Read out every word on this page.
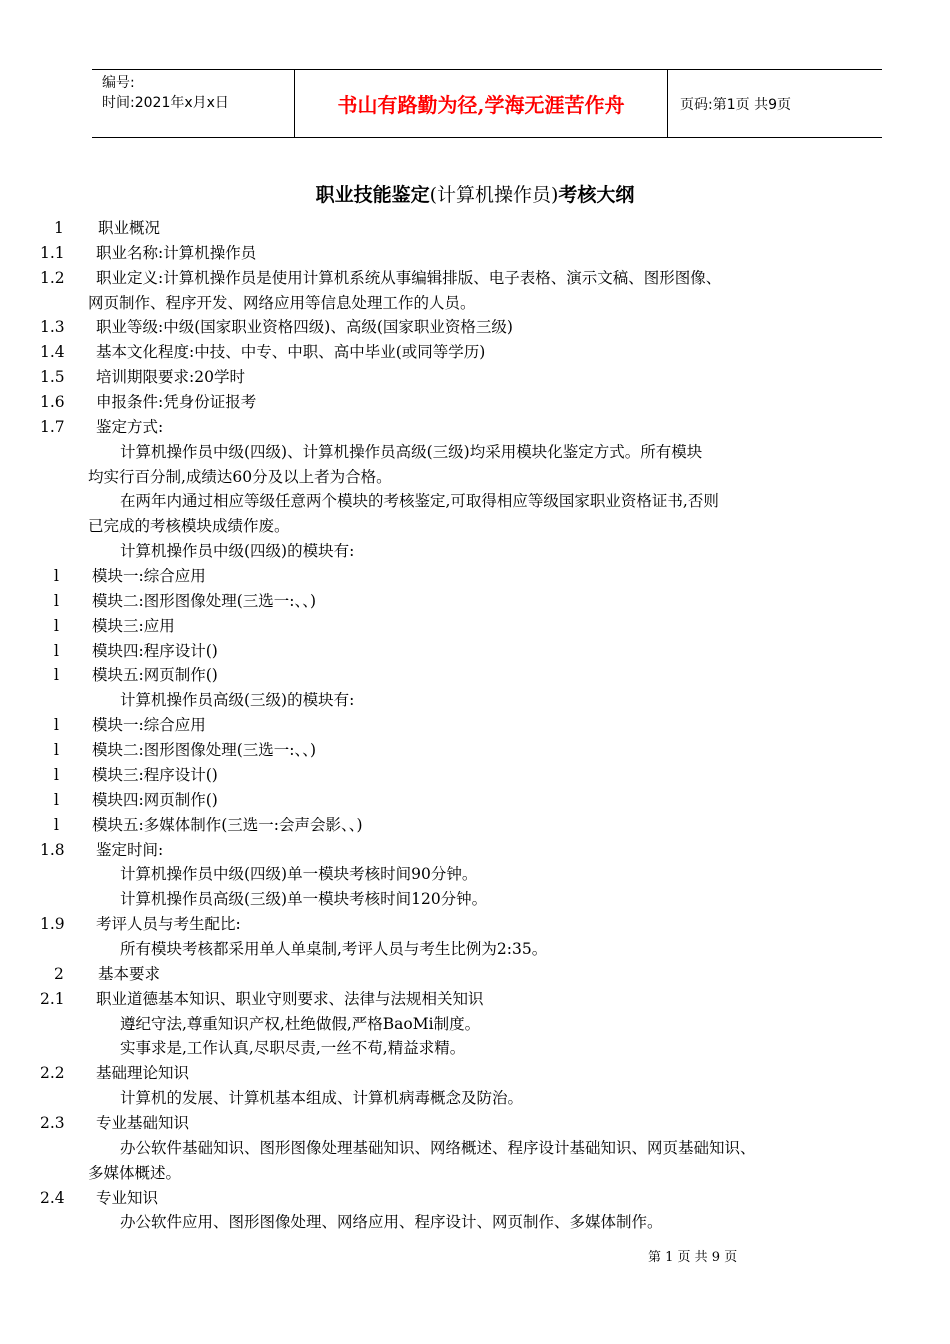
编号:
时间:2021年x月x日	书山有路勤为径,学海无涯苦作舟	页码:第1页 共9页
职业技能鉴定(计算机操作员)考核大纲
1 职业概况
1.1 职业名称:计算机操作员
1.2 职业定义:计算机操作员是使用计算机系统从事编辑排版、电子表格、演示文稿、图形图像、
网页制作、程序开发、网络应用等信息处理工作的人员。
1.3 职业等级:中级(国家职业资格四级)、高级(国家职业资格三级)
1.4 基本文化程度:中技、中专、中职、高中毕业(或同等学历)
1.5 培训期限要求:20学时
1.6 申报条件:凭身份证报考
1.7 鉴定方式:
计算机操作员中级(四级)、计算机操作员高级(三级)均采用模块化鉴定方式。所有模块
均实行百分制,成绩达60分及以上者为合格。
在两年内通过相应等级任意两个模块的考核鉴定,可取得相应等级国家职业资格证书,否则
已完成的考核模块成绩作废。
计算机操作员中级(四级)的模块有:
l 模块一:综合应用
l 模块二:图形图像处理(三选一:、、)
l 模块三:应用
l 模块四:程序设计()
l 模块五:网页制作()
计算机操作员高级(三级)的模块有:
l 模块一:综合应用
l 模块二:图形图像处理(三选一:、、)
l 模块三:程序设计()
l 模块四:网页制作()
l 模块五:多媒体制作(三选一:会声会影、、)
1.8 鉴定时间:
计算机操作员中级(四级)单一模块考核时间90分钟。
计算机操作员高级(三级)单一模块考核时间120分钟。
1.9 考评人员与考生配比:
所有模块考核都采用单人单桌制,考评人员与考生比例为2:35。
2 基本要求
2.1 职业道德基本知识、职业守则要求、法律与法规相关知识
遵纪守法,尊重知识产权,杜绝做假,严格BaoMi制度。
实事求是,工作认真,尽职尽责,一丝不苟,精益求精。
2.2 基础理论知识
计算机的发展、计算机基本组成、计算机病毒概念及防治。
2.3 专业基础知识
办公软件基础知识、图形图像处理基础知识、网络概述、程序设计基础知识、网页基础知识、
多媒体概述。
2.4 专业知识
办公软件应用、图形图像处理、网络应用、程序设计、网页制作、多媒体制作。
第 1 页 共 9 页
